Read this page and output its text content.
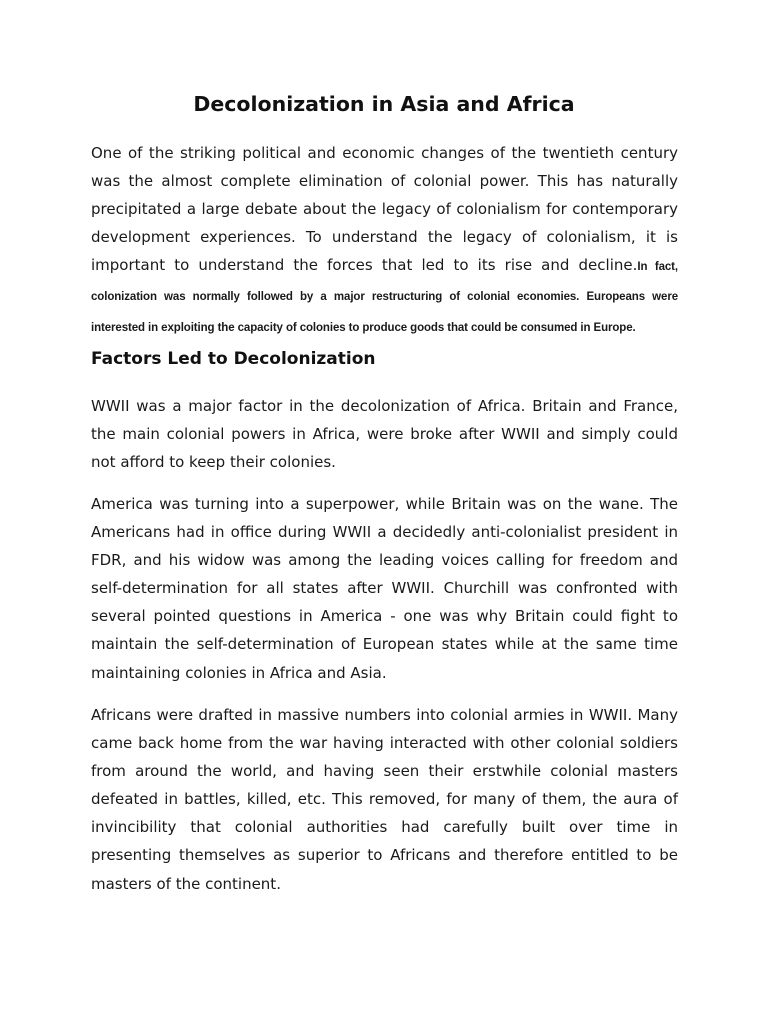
Decolonization in Asia and Africa

One of the striking political and economic changes of the twentieth century was the almost complete elimination of colonial power. This has naturally precipitated a large debate about the legacy of colonialism for contemporary development experiences. To understand the legacy of colonialism, it is important to understand the forces that led to its rise and decline.In fact, colonization was normally followed by a major restructuring of colonial economies. Europeans were interested in exploiting the capacity of colonies to produce goods that could be consumed in Europe.

Factors Led to Decolonization

WWII was a major factor in the decolonization of Africa. Britain and France, the main colonial powers in Africa, were broke after WWII and simply could not afford to keep their colonies.

America was turning into a superpower, while Britain was on the wane. The Americans had in office during WWII a decidedly anti-colonialist president in FDR, and his widow was among the leading voices calling for freedom and self-determination for all states after WWII. Churchill was confronted with several pointed questions in America - one was why Britain could fight to maintain the self-determination of European states while at the same time maintaining colonies in Africa and Asia.

Africans were drafted in massive numbers into colonial armies in WWII. Many came back home from the war having interacted with other colonial soldiers from around the world, and having seen their erstwhile colonial masters defeated in battles, killed, etc. This removed, for many of them, the aura of invincibility that colonial authorities had carefully built over time in presenting themselves as superior to Africans and therefore entitled to be masters of the continent.
